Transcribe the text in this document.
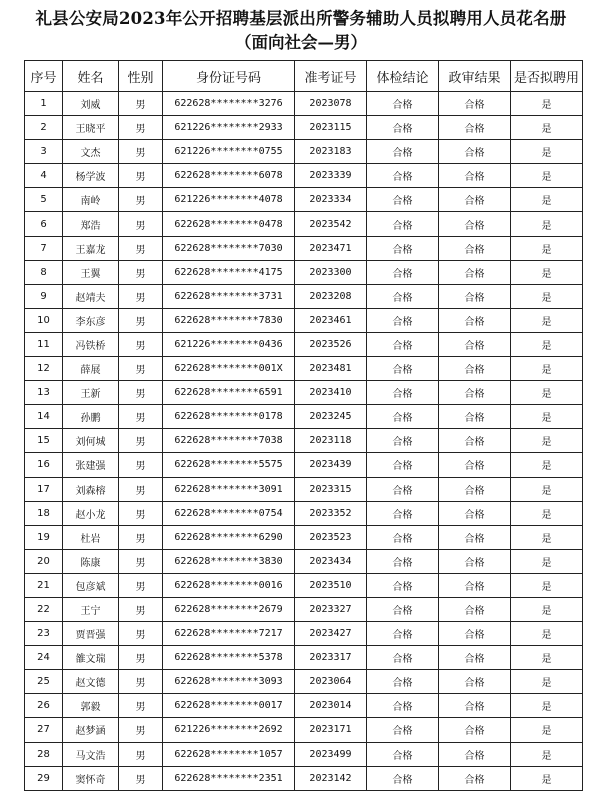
礼县公安局2023年公开招聘基层派出所警务辅助人员拟聘用人员花名册
（面向社会—男）
序号	姓名	性别	身份证号码	准考证号	体检结论	政审结果	是否拟聘用
1	刘威	男	622628********3276	2023078	合格	合格	是
2	王晓平	男	621226********2933	2023115	合格	合格	是
3	文杰	男	621226********0755	2023183	合格	合格	是
4	杨学波	男	622628********6078	2023339	合格	合格	是
5	南岭	男	621226********4078	2023334	合格	合格	是
6	郑浩	男	622628********0478	2023542	合格	合格	是
7	王嘉龙	男	622628********7030	2023471	合格	合格	是
8	王翼	男	622628********4175	2023300	合格	合格	是
9	赵靖夫	男	622628********3731	2023208	合格	合格	是
10	李东彦	男	622628********7830	2023461	合格	合格	是
11	冯铁桥	男	621226********0436	2023526	合格	合格	是
12	薛展	男	622628********001X	2023481	合格	合格	是
13	王新	男	622628********6591	2023410	合格	合格	是
14	孙鹏	男	622628********0178	2023245	合格	合格	是
15	刘何城	男	622628********7038	2023118	合格	合格	是
16	张建强	男	622628********5575	2023439	合格	合格	是
17	刘森榕	男	622628********3091	2023315	合格	合格	是
18	赵小龙	男	622628********0754	2023352	合格	合格	是
19	杜岩	男	622628********6290	2023523	合格	合格	是
20	陈康	男	622628********3830	2023434	合格	合格	是
21	包彦斌	男	622628********0016	2023510	合格	合格	是
22	王宁	男	622628********2679	2023327	合格	合格	是
23	贾晋强	男	622628********7217	2023427	合格	合格	是
24	雒文瑞	男	622628********5378	2023317	合格	合格	是
25	赵文德	男	622628********3093	2023064	合格	合格	是
26	郭毅	男	622628********0017	2023014	合格	合格	是
27	赵梦涵	男	621226********2692	2023171	合格	合格	是
28	马文浩	男	622628********1057	2023499	合格	合格	是
29	窦怀奇	男	622628********2351	2023142	合格	合格	是
